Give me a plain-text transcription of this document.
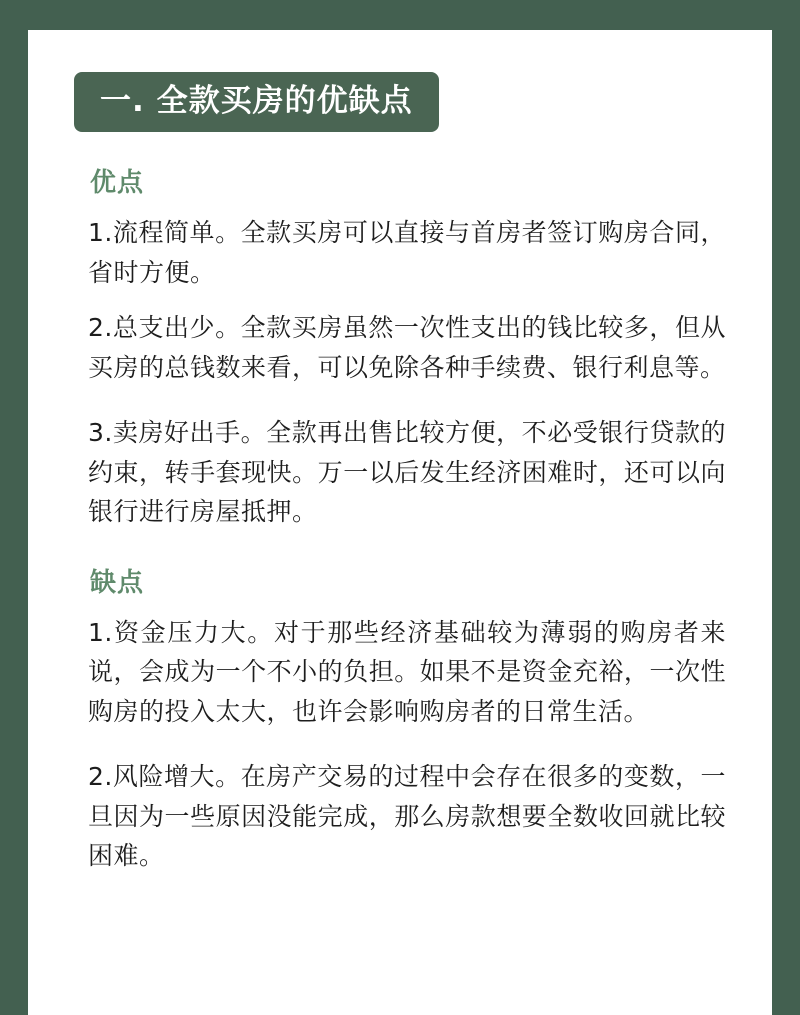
一. 全款买房的优缺点
优点

1.流程简单。全款买房可以直接与首房者签订购房合同，省时方便。

2.总支出少。全款买房虽然一次性支出的钱比较多，但从买房的总钱数来看，可以免除各种手续费、银行利息等。

3.卖房好出手。全款再出售比较方便，不必受银行贷款的约束，转手套现快。万一以后发生经济困难时，还可以向银行进行房屋抵押。

缺点

1.资金压力大。对于那些经济基础较为薄弱的购房者来说，会成为一个不小的负担。如果不是资金充裕，一次性购房的投入太大，也许会影响购房者的日常生活。

2.风险增大。在房产交易的过程中会存在很多的变数，一旦因为一些原因没能完成，那么房款想要全数收回就比较困难。
